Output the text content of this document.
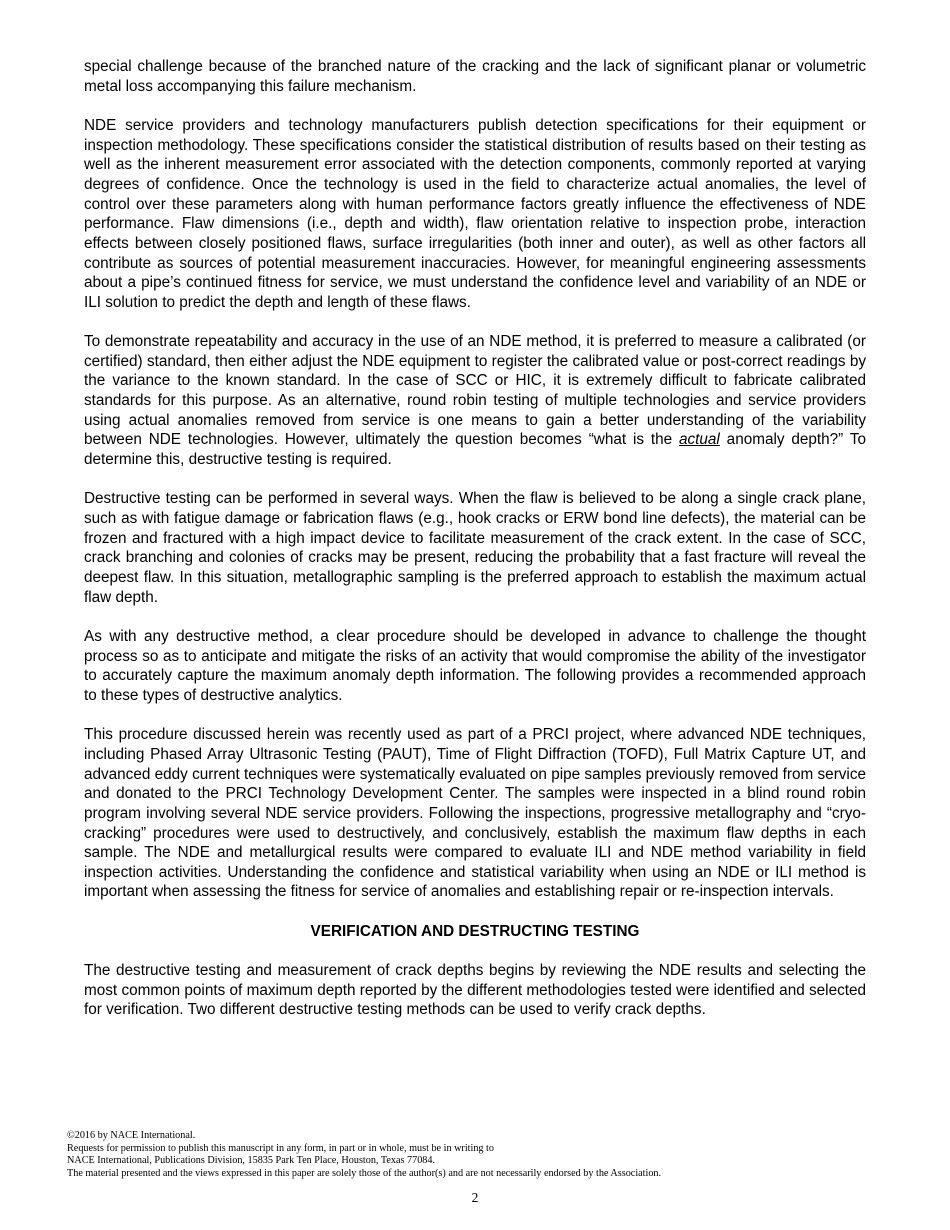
special challenge because of the branched nature of the cracking and the lack of significant planar or volumetric metal loss accompanying this failure mechanism.

NDE service providers and technology manufacturers publish detection specifications for their equipment or inspection methodology. These specifications consider the statistical distribution of results based on their testing as well as the inherent measurement error associated with the detection components, commonly reported at varying degrees of confidence. Once the technology is used in the field to characterize actual anomalies, the level of control over these parameters along with human performance factors greatly influence the effectiveness of NDE performance. Flaw dimensions (i.e., depth and width), flaw orientation relative to inspection probe, interaction effects between closely positioned flaws, surface irregularities (both inner and outer), as well as other factors all contribute as sources of potential measurement inaccuracies. However, for meaningful engineering assessments about a pipe’s continued fitness for service, we must understand the confidence level and variability of an NDE or ILI solution to predict the depth and length of these flaws.

To demonstrate repeatability and accuracy in the use of an NDE method, it is preferred to measure a calibrated (or certified) standard, then either adjust the NDE equipment to register the calibrated value or post-correct readings by the variance to the known standard. In the case of SCC or HIC, it is extremely difficult to fabricate calibrated standards for this purpose. As an alternative, round robin testing of multiple technologies and service providers using actual anomalies removed from service is one means to gain a better understanding of the variability between NDE technologies. However, ultimately the question becomes “what is the actual anomaly depth?” To determine this, destructive testing is required.

Destructive testing can be performed in several ways. When the flaw is believed to be along a single crack plane, such as with fatigue damage or fabrication flaws (e.g., hook cracks or ERW bond line defects), the material can be frozen and fractured with a high impact device to facilitate measurement of the crack extent. In the case of SCC, crack branching and colonies of cracks may be present, reducing the probability that a fast fracture will reveal the deepest flaw. In this situation, metallographic sampling is the preferred approach to establish the maximum actual flaw depth.

As with any destructive method, a clear procedure should be developed in advance to challenge the thought process so as to anticipate and mitigate the risks of an activity that would compromise the ability of the investigator to accurately capture the maximum anomaly depth information. The following provides a recommended approach to these types of destructive analytics.

This procedure discussed herein was recently used as part of a PRCI project, where advanced NDE techniques, including Phased Array Ultrasonic Testing (PAUT), Time of Flight Diffraction (TOFD), Full Matrix Capture UT, and advanced eddy current techniques were systematically evaluated on pipe samples previously removed from service and donated to the PRCI Technology Development Center. The samples were inspected in a blind round robin program involving several NDE service providers. Following the inspections, progressive metallography and “cryo-cracking” procedures were used to destructively, and conclusively, establish the maximum flaw depths in each sample. The NDE and metallurgical results were compared to evaluate ILI and NDE method variability in field inspection activities. Understanding the confidence and statistical variability when using an NDE or ILI method is important when assessing the fitness for service of anomalies and establishing repair or re-inspection intervals.

VERIFICATION AND DESTRUCTING TESTING

The destructive testing and measurement of crack depths begins by reviewing the NDE results and selecting the most common points of maximum depth reported by the different methodologies tested were identified and selected for verification. Two different destructive testing methods can be used to verify crack depths.

©2016 by NACE International.
Requests for permission to publish this manuscript in any form, in part or in whole, must be in writing to
NACE International, Publications Division, 15835 Park Ten Place, Houston, Texas 77084.
The material presented and the views expressed in this paper are solely those of the author(s) and are not necessarily endorsed by the Association.
2
